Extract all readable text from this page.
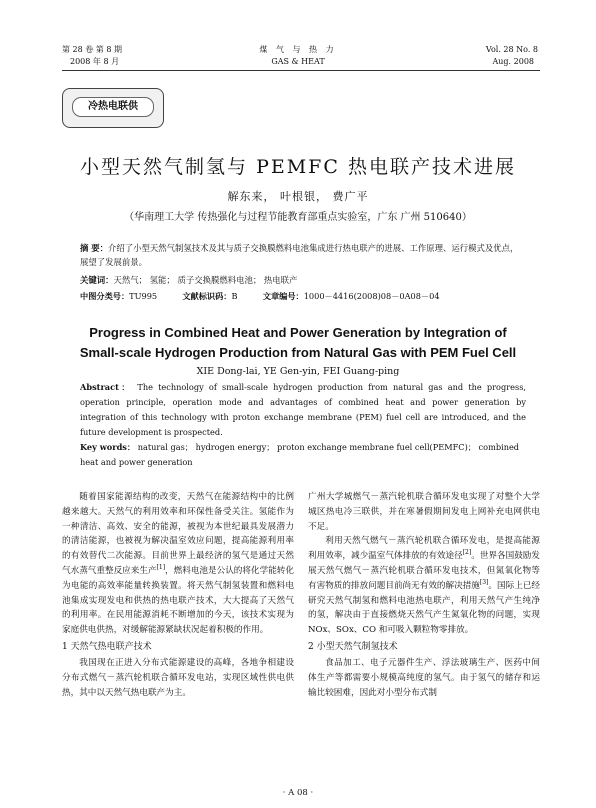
第 28 卷 第 8 期
2008 年 8 月
煤 气 与 热 力
GAS & HEAT
Vol. 28 No. 8
Aug. 2008
冷热电联供
小型天然气制氢与 PEMFC 热电联产技术进展
解东来， 叶根银， 费广平
（华南理工大学 传热强化与过程节能教育部重点实验室，广东 广州 510640）
摘 要：介绍了小型天然气制氢技术及其与质子交换膜燃料电池集成进行热电联产的进展、工作原理、运行模式及优点，展望了发展前景。
关键词：天然气； 氢能； 质子交换膜燃料电池； 热电联产
中图分类号：TU995	文献标识码：B	文章编号：1000－4416(2008)08－0A08－04
Progress in Combined Heat and Power Generation by Integration of
Small-scale Hydrogen Production from Natural Gas with PEM Fuel Cell
XIE Dong-lai, YE Gen-yin, FEI Guang-ping
Abstract： The technology of small-scale hydrogen production from natural gas and the progress, operation principle, operation mode and advantages of combined heat and power generation by integration of this technology with proton exchange membrane (PEM) fuel cell are introduced, and the future development is prospected.
Key words： natural gas； hydrogen energy； proton exchange membrane fuel cell(PEMFC)； combined heat and power generation

随着国家能源结构的改变，天然气在能源结构中的比例越来越大。天然气的利用效率和环保性备受关注。氢能作为一种清洁、高效、安全的能源，被视为本世纪最具发展潜力的清洁能源，也被视为解决温室效应问题，提高能源利用率的有效替代二次能源。目前世界上最经济的氢气是通过天然气水蒸气重整反应来生产[1]，燃料电池是公认的将化学能转化为电能的高效率能量转换装置。将天然气制氢装置和燃料电池集成实现发电和供热的热电联产技术，大大提高了天然气的利用率。在民用能源消耗不断增加的今天，该技术实现为家庭供电供热，对缓解能源紧缺状况起着积极的作用。

1 天然气热电联产技术

我国现在正进入分布式能源建设的高峰，各地争相建设分布式燃气－蒸汽轮机联合循环发电站，实现区域性供电供热，其中以天然气热电联产为主。

广州大学城燃气－蒸汽轮机联合循环发电实现了对整个大学城区热电冷三联供，并在寒暑假期间发电上网补充电网供电不足。

利用天然气燃气－蒸汽轮机联合循环发电，是提高能源利用效率，减少温室气体排放的有效途径[2]。世界各国鼓励发展天然气燃气－蒸汽轮机联合循环发电技术，但氮氧化物等有害物质的排放问题目前尚无有效的解决措施[3]。国际上已经研究天然气制氢和燃料电池热电联产，利用天然气产生纯净的氢，解决由于直接燃烧天然气产生氮氧化物的问题，实现 NOx、SOx、CO 和可吸入颗粒物零排放。

2 小型天然气制氢技术

食品加工、电子元器件生产、浮法玻璃生产、医药中间体生产等都需要小规模高纯度的氢气。由于氢气的储存和运输比较困难，因此对小型分布式制

· A 08 ·
